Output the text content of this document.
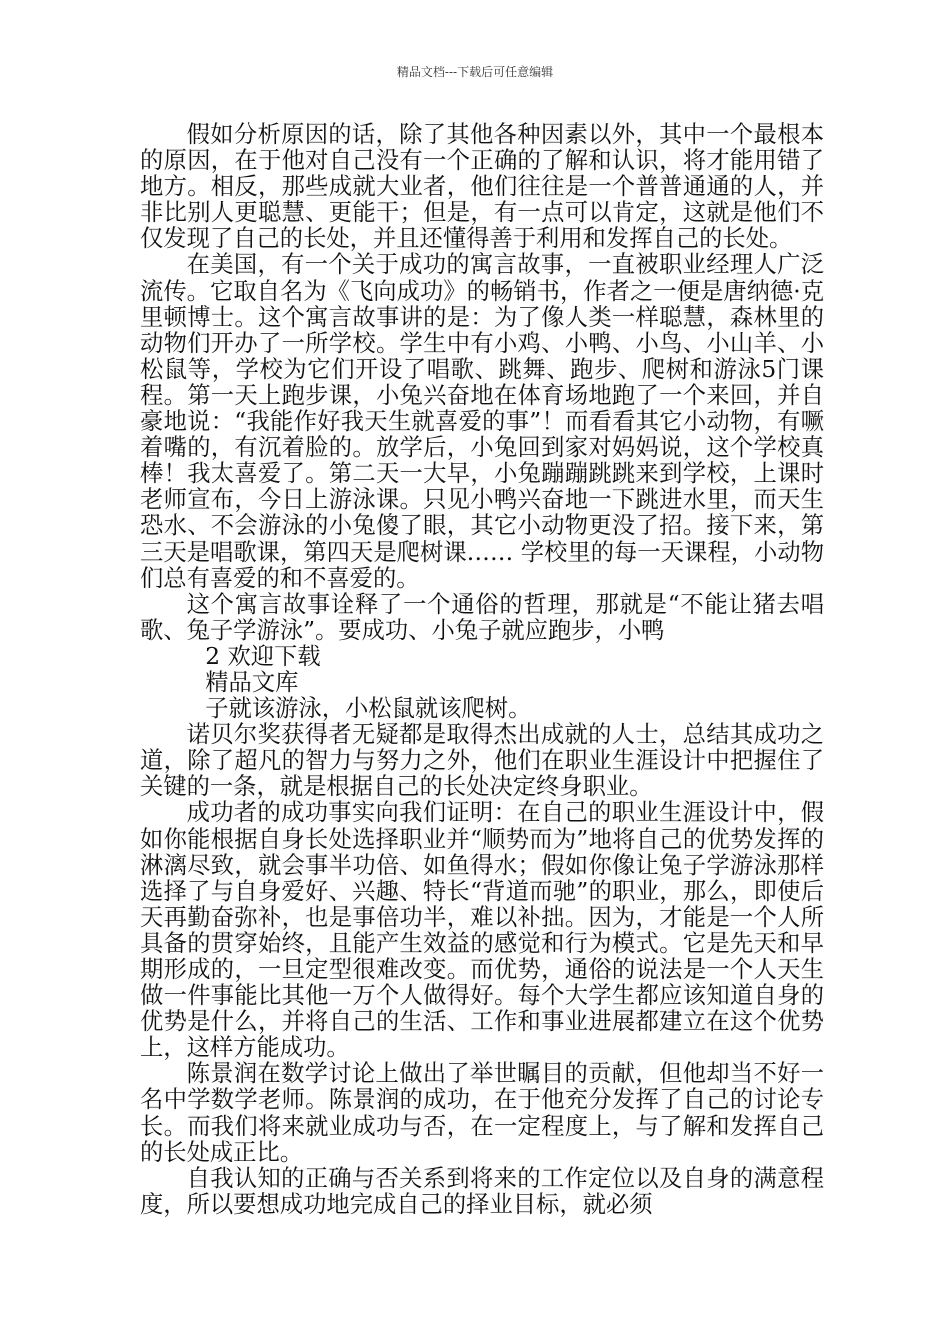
精品文档---下载后可任意编辑

假如分析原因的话，除了其他各种因素以外，其中一个最根本的原因，在于他对自己没有一个正确的了解和认识，将才能用错了地方。相反，那些成就大业者，他们往往是一个普普通通的人，并非比别人更聪慧、更能干；但是，有一点可以肯定，这就是他们不仅发现了自己的长处，并且还懂得善于利用和发挥自己的长处。

在美国，有一个关于成功的寓言故事，一直被职业经理人广泛流传。它取自名为《飞向成功》的畅销书，作者之一便是唐纳德·克里顿博士。这个寓言故事讲的是：为了像人类一样聪慧，森林里的动物们开办了一所学校。学生中有小鸡、小鸭、小鸟、小山羊、小松鼠等，学校为它们开设了唱歌、跳舞、跑步、爬树和游泳5门课程。第一天上跑步课，小兔兴奋地在体育场地跑了一个来回，并自豪地说：“我能作好我天生就喜爱的事”！而看看其它小动物，有噘着嘴的，有沉着脸的。放学后，小兔回到家对妈妈说，这个学校真棒！我太喜爱了。第二天一大早，小兔蹦蹦跳跳来到学校，上课时老师宣布，今日上游泳课。只见小鸭兴奋地一下跳进水里，而天生恐水、不会游泳的小兔傻了眼，其它小动物更没了招。接下来，第三天是唱歌课，第四天是爬树课…… 学校里的每一天课程，小动物们总有喜爱的和不喜爱的。

这个寓言故事诠释了一个通俗的哲理，那就是“不能让猪去唱歌、兔子学游泳”。要成功、小兔子就应跑步，小鸭

2 欢迎下载

精品文库

子就该游泳，小松鼠就该爬树。

诺贝尔奖获得者无疑都是取得杰出成就的人士，总结其成功之道，除了超凡的智力与努力之外，他们在职业生涯设计中把握住了关键的一条，就是根据自己的长处决定终身职业。

成功者的成功事实向我们证明：在自己的职业生涯设计中，假如你能根据自身长处选择职业并“顺势而为”地将自己的优势发挥的淋漓尽致，就会事半功倍、如鱼得水；假如你像让兔子学游泳那样选择了与自身爱好、兴趣、特长“背道而驰”的职业，那么，即使后天再勤奋弥补，也是事倍功半，难以补拙。因为，才能是一个人所具备的贯穿始终，且能产生效益的感觉和行为模式。它是先天和早期形成的，一旦定型很难改变。而优势，通俗的说法是一个人天生做一件事能比其他一万个人做得好。每个大学生都应该知道自身的优势是什么，并将自己的生活、工作和事业进展都建立在这个优势上，这样方能成功。

陈景润在数学讨论上做出了举世瞩目的贡献，但他却当不好一名中学数学老师。陈景润的成功，在于他充分发挥了自己的讨论专长。而我们将来就业成功与否，在一定程度上，与了解和发挥自己的长处成正比。

自我认知的正确与否关系到将来的工作定位以及自身的满意程度，所以要想成功地完成自己的择业目标，就必须
